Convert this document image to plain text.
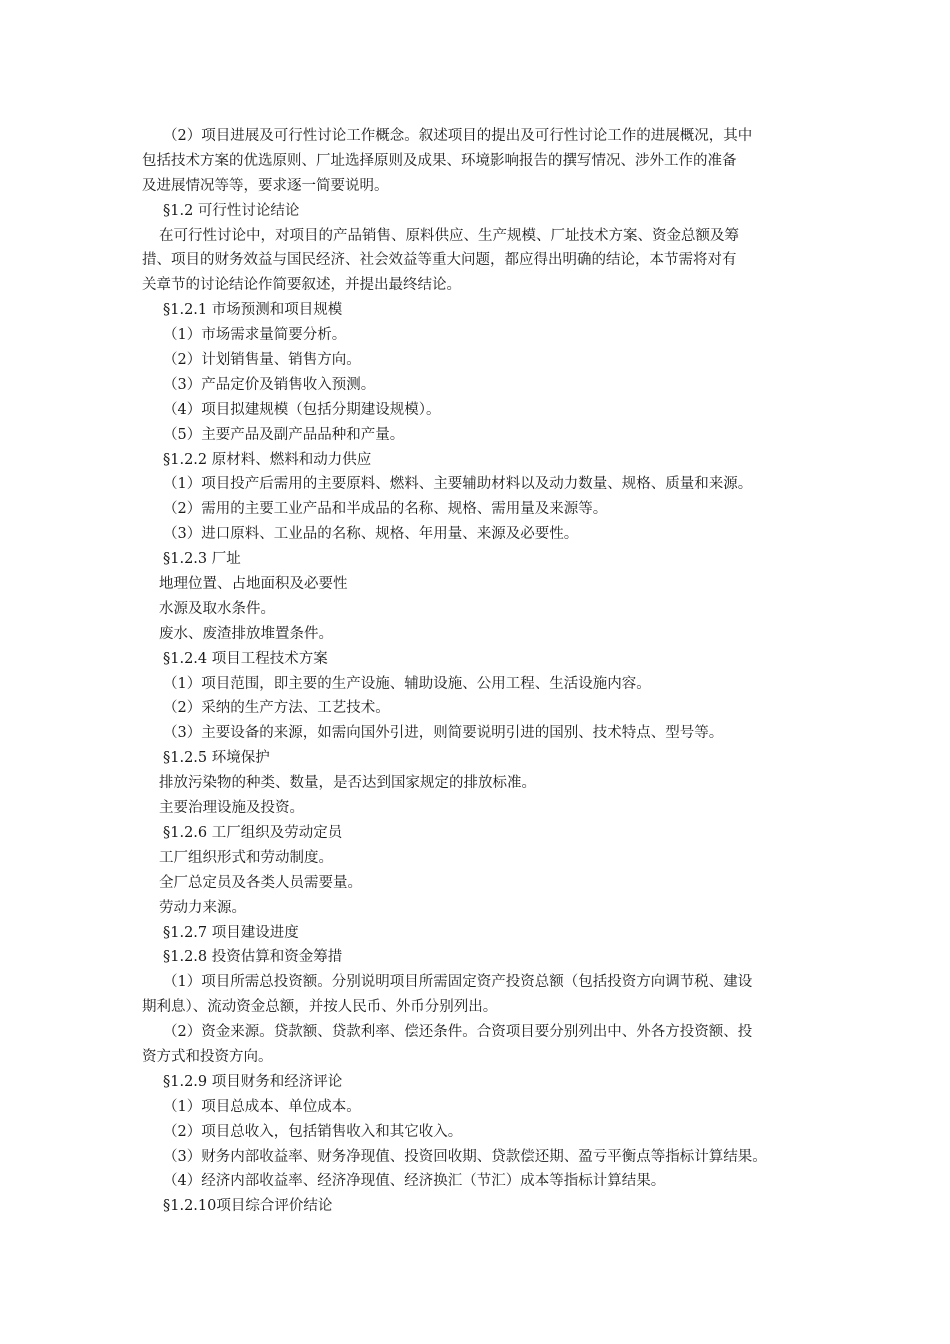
（2）项目进展及可行性讨论工作概念。叙述项目的提出及可行性讨论工作的进展概况，其中
包括技术方案的优选原则、厂址选择原则及成果、环境影响报告的撰写情况、涉外工作的准备
及进展情况等等，要求逐一简要说明。
§1.2 可行性讨论结论
在可行性讨论中，对项目的产品销售、原料供应、生产规模、厂址技术方案、资金总额及筹
措、项目的财务效益与国民经济、社会效益等重大问题，都应得出明确的结论，本节需将对有
关章节的讨论结论作简要叙述，并提出最终结论。
§1.2.1 市场预测和项目规模
（1）市场需求量简要分析。
（2）计划销售量、销售方向。
（3）产品定价及销售收入预测。
（4）项目拟建规模（包括分期建设规模）。
（5）主要产品及副产品品种和产量。
§1.2.2 原材料、燃料和动力供应
（1）项目投产后需用的主要原料、燃料、主要辅助材料以及动力数量、规格、质量和来源。
（2）需用的主要工业产品和半成品的名称、规格、需用量及来源等。
（3）进口原料、工业品的名称、规格、年用量、来源及必要性。
§1.2.3 厂址
地理位置、占地面积及必要性
水源及取水条件。
废水、废渣排放堆置条件。
§1.2.4 项目工程技术方案
（1）项目范围，即主要的生产设施、辅助设施、公用工程、生活设施内容。
（2）采纳的生产方法、工艺技术。
（3）主要设备的来源，如需向国外引进，则简要说明引进的国别、技术特点、型号等。
§1.2.5 环境保护
排放污染物的种类、数量，是否达到国家规定的排放标准。
主要治理设施及投资。
§1.2.6 工厂组织及劳动定员
工厂组织形式和劳动制度。
全厂总定员及各类人员需要量。
劳动力来源。
§1.2.7 项目建设进度
§1.2.8 投资估算和资金筹措
（1）项目所需总投资额。分别说明项目所需固定资产投资总额（包括投资方向调节税、建设
期利息）、流动资金总额，并按人民币、外币分别列出。
（2）资金来源。贷款额、贷款利率、偿还条件。合资项目要分别列出中、外各方投资额、投
资方式和投资方向。
§1.2.9 项目财务和经济评论
（1）项目总成本、单位成本。
（2）项目总收入，包括销售收入和其它收入。
（3）财务内部收益率、财务净现值、投资回收期、贷款偿还期、盈亏平衡点等指标计算结果。
（4）经济内部收益率、经济净现值、经济换汇（节汇）成本等指标计算结果。
§1.2.10项目综合评价结论
